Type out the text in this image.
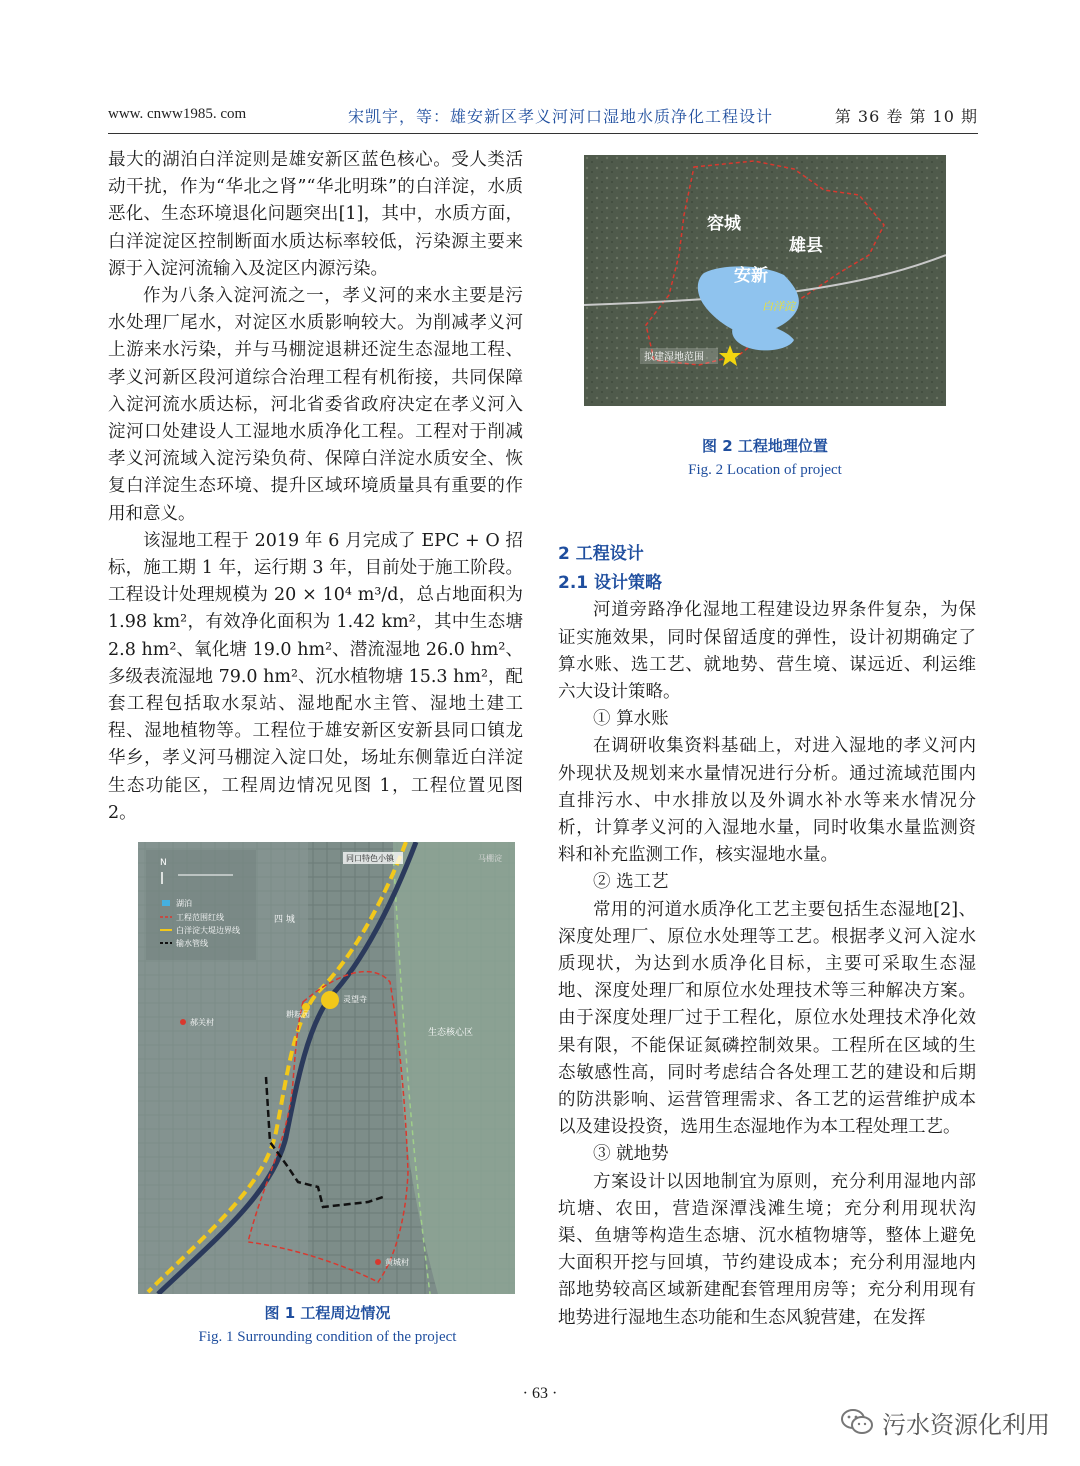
www. cnww1985. com	宋凯宇，等：雄安新区孝义河河口湿地水质净化工程设计	第 36 卷 第 10 期

最大的湖泊白洋淀则是雄安新区蓝色核心。受人类活动干扰，作为“华北之肾”“华北明珠”的白洋淀，水质恶化、生态环境退化问题突出[1]，其中，水质方面，白洋淀淀区控制断面水质达标率较低，污染源主要来源于入淀河流输入及淀区内源污染。

作为八条入淀河流之一，孝义河的来水主要是污水处理厂尾水，对淀区水质影响较大。为削减孝义河上游来水污染，并与马棚淀退耕还淀生态湿地工程、孝义河新区段河道综合治理工程有机衔接，共同保障入淀河流水质达标，河北省委省政府决定在孝义河入淀河口处建设人工湿地水质净化工程。工程对于削减孝义河流域入淀污染负荷、保障白洋淀水质安全、恢复白洋淀生态环境、提升区域环境质量具有重要的作用和意义。

该湿地工程于 2019 年 6 月完成了 EPC + O 招标，施工期 1 年，运行期 3 年，目前处于施工阶段。工程设计处理规模为 20 × 10⁴ m³/d，总占地面积为 1.98 km²，有效净化面积为 1.42 km²，其中生态塘 2.8 hm²、氧化塘 19.0 hm²、潜流湿地 26.0 hm²、多级表流湿地 79.0 hm²、沉水植物塘 15.3 hm²，配套工程包括取水泵站、湿地配水主管、湿地土建工程、湿地植物等。工程位于雄安新区安新县同口镇龙华乡，孝义河马棚淀入淀口处，场址东侧靠近白洋淀生态功能区，工程周边情况见图 1，工程位置见图 2。

N
湖泊
工程范围红线
白洋淀大堤边界线
输水管线
同口特色小镇	马棚淀
郝关村
耕耘园
灵望寺
黄城村
生态核心区
四 城
图 1 工程周边情况
Fig. 1 Surrounding condition of the project
容城
雄县
安新
白洋淀
拟建湿地范围
图 2 工程地理位置
Fig. 2 Location of project

2 工程设计

2.1 设计策略

河道旁路净化湿地工程建设边界条件复杂，为保证实施效果，同时保留适度的弹性，设计初期确定了算水账、选工艺、就地势、营生境、谋远近、利运维六大设计策略。

① 算水账

在调研收集资料基础上，对进入湿地的孝义河内外现状及规划来水量情况进行分析。通过流域范围内直排污水、中水排放以及外调水补水等来水情况分析，计算孝义河的入湿地水量，同时收集水量监测资料和补充监测工作，核实湿地水量。

② 选工艺

常用的河道水质净化工艺主要包括生态湿地[2]、深度处理厂、原位水处理等工艺。根据孝义河入淀水质现状，为达到水质净化目标，主要可采取生态湿地、深度处理厂和原位水处理技术等三种解决方案。由于深度处理厂过于工程化，原位水处理技术净化效果有限，不能保证氮磷控制效果。工程所在区域的生态敏感性高，同时考虑结合各处理工艺的建设和后期的防洪影响、运营管理需求、各工艺的运营维护成本以及建设投资，选用生态湿地作为本工程处理工艺。

③ 就地势

方案设计以因地制宜为原则，充分利用湿地内部坑塘、农田，营造深潭浅滩生境；充分利用现状沟渠、鱼塘等构造生态塘、沉水植物塘等，整体上避免大面积开挖与回填，节约建设成本；充分利用湿地内部地势较高区域新建配套管理用房等；充分利用现有地势进行湿地生态功能和生态风貌营建，在发挥

· 63 ·
污水资源化利用
